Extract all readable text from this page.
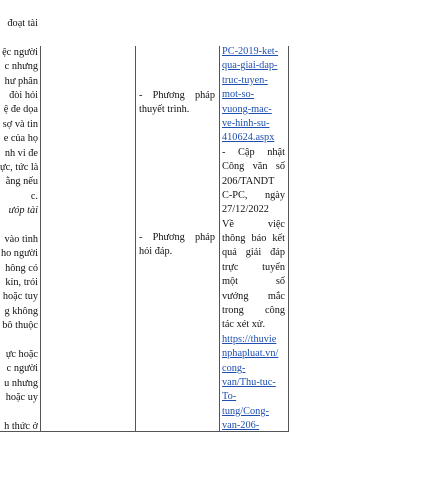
đoạt tài

ệc người
c nhưng
hư phân
đòi hỏi
ệ đe dọa
sợ và tin
e của họ
nh vi đe
ực, tức là
ằng nếu
c.
ưóp tài

vào tình
ho người
hông có
kín, trói
hoặc tuy
g không
bô thuộc

ực hoặc
c người
u nhưng
hoặc uy

h thức ở
- Phương pháp
thuyết trình.
- Phương pháp
hỏi đáp.
PC-2019-ket-
qua-giai-dap-
truc-tuyen-
mot-so-
vuong-mac-
ve-hinh-su-
410624.aspx
- Cập nhật
Công văn số
206/TANDT
C-PC, ngày
27/12/2022
Về việc
thông báo kết
quả giải đáp
trực tuyến
một số
vướng mắc
trong công
tác xét xử.
https://thuvie
nphapluat.vn/
cong-
van/Thu-tuc-
To-
tung/Cong-
van-206-
